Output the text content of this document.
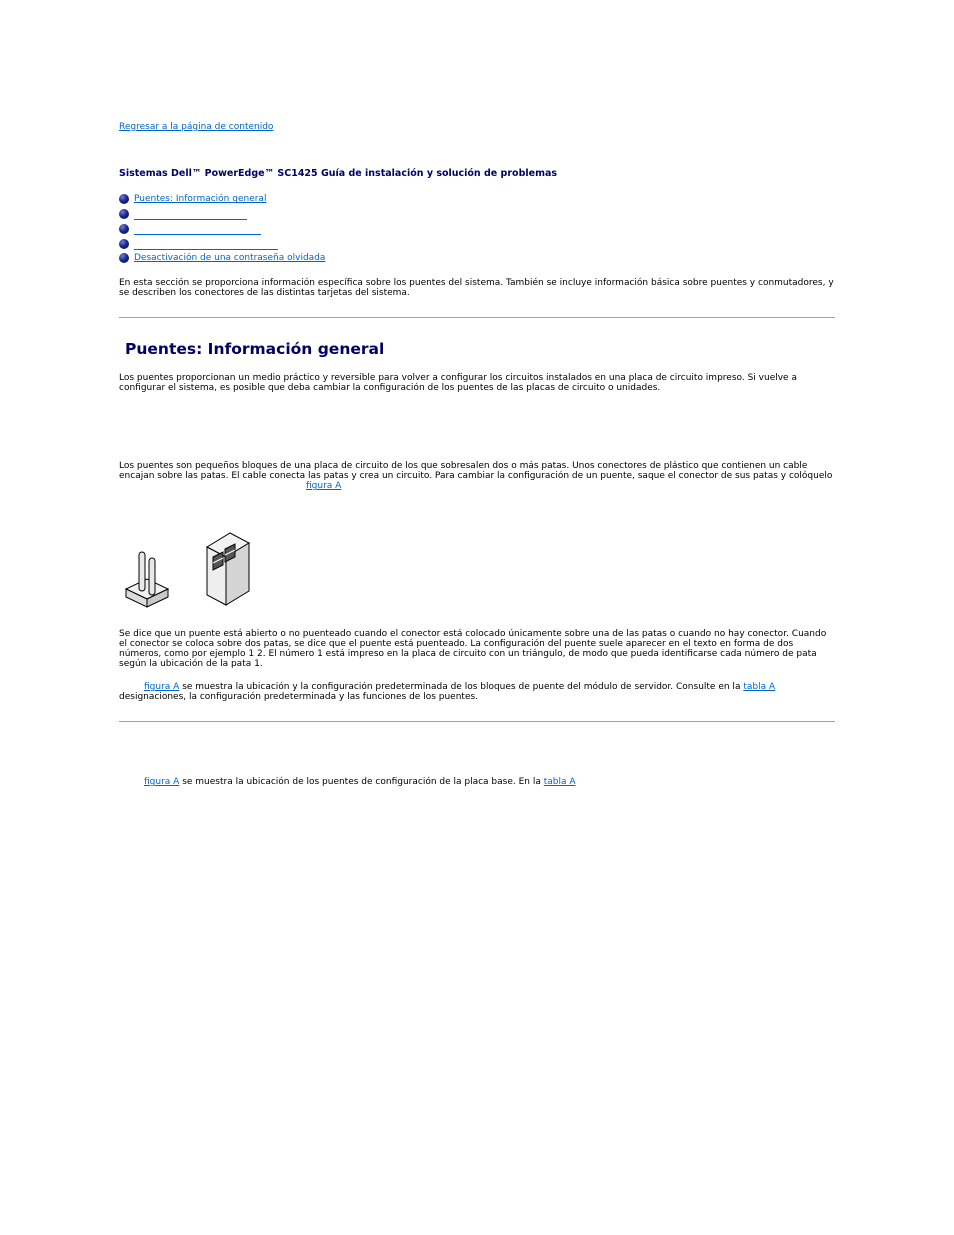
Regresar a la página de contenido
Sistemas Dell™ PowerEdge™ SC1425 Guía de instalación y solución de problemas
Puentes: Información general
Desactivación de una contraseña olvidada

En esta sección se proporciona información específica sobre los puentes del sistema. También se incluye información básica sobre puentes y conmutadores, y se describen los conectores de las distintas tarjetas del sistema.

Puentes: Información general

Los puentes proporcionan un medio práctico y reversible para volver a configurar los circuitos instalados en una placa de circuito impreso. Si vuelve a configurar el sistema, es posible que deba cambiar la configuración de los puentes de las placas de circuito o unidades.

Los puentes son pequeños bloques de una placa de circuito de los que sobresalen dos o más patas. Unos conectores de plástico que contienen un cable encajan sobre las patas. El cable conecta las patas y crea un circuito. Para cambiar la configuración de un puente, saque el conector de sus patas y colóquelo

figura A

Se dice que un puente está abierto o no puenteado cuando el conector está colocado únicamente sobre una de las patas o cuando no hay conector. Cuando el conector se coloca sobre dos patas, se dice que el puente está puenteado. La configuración del puente suele aparecer en el texto en forma de dos números, como por ejemplo 1 2. El número 1 está impreso en la placa de circuito con un triángulo, de modo que pueda identificarse cada número de pata según la ubicación de la pata 1.

figura A se muestra la ubicación y la configuración predeterminada de los bloques de puente del módulo de servidor. Consulte en la tabla A
designaciones, la configuración predeterminada y las funciones de los puentes.

figura A se muestra la ubicación de los puentes de configuración de la placa base. En la tabla A
